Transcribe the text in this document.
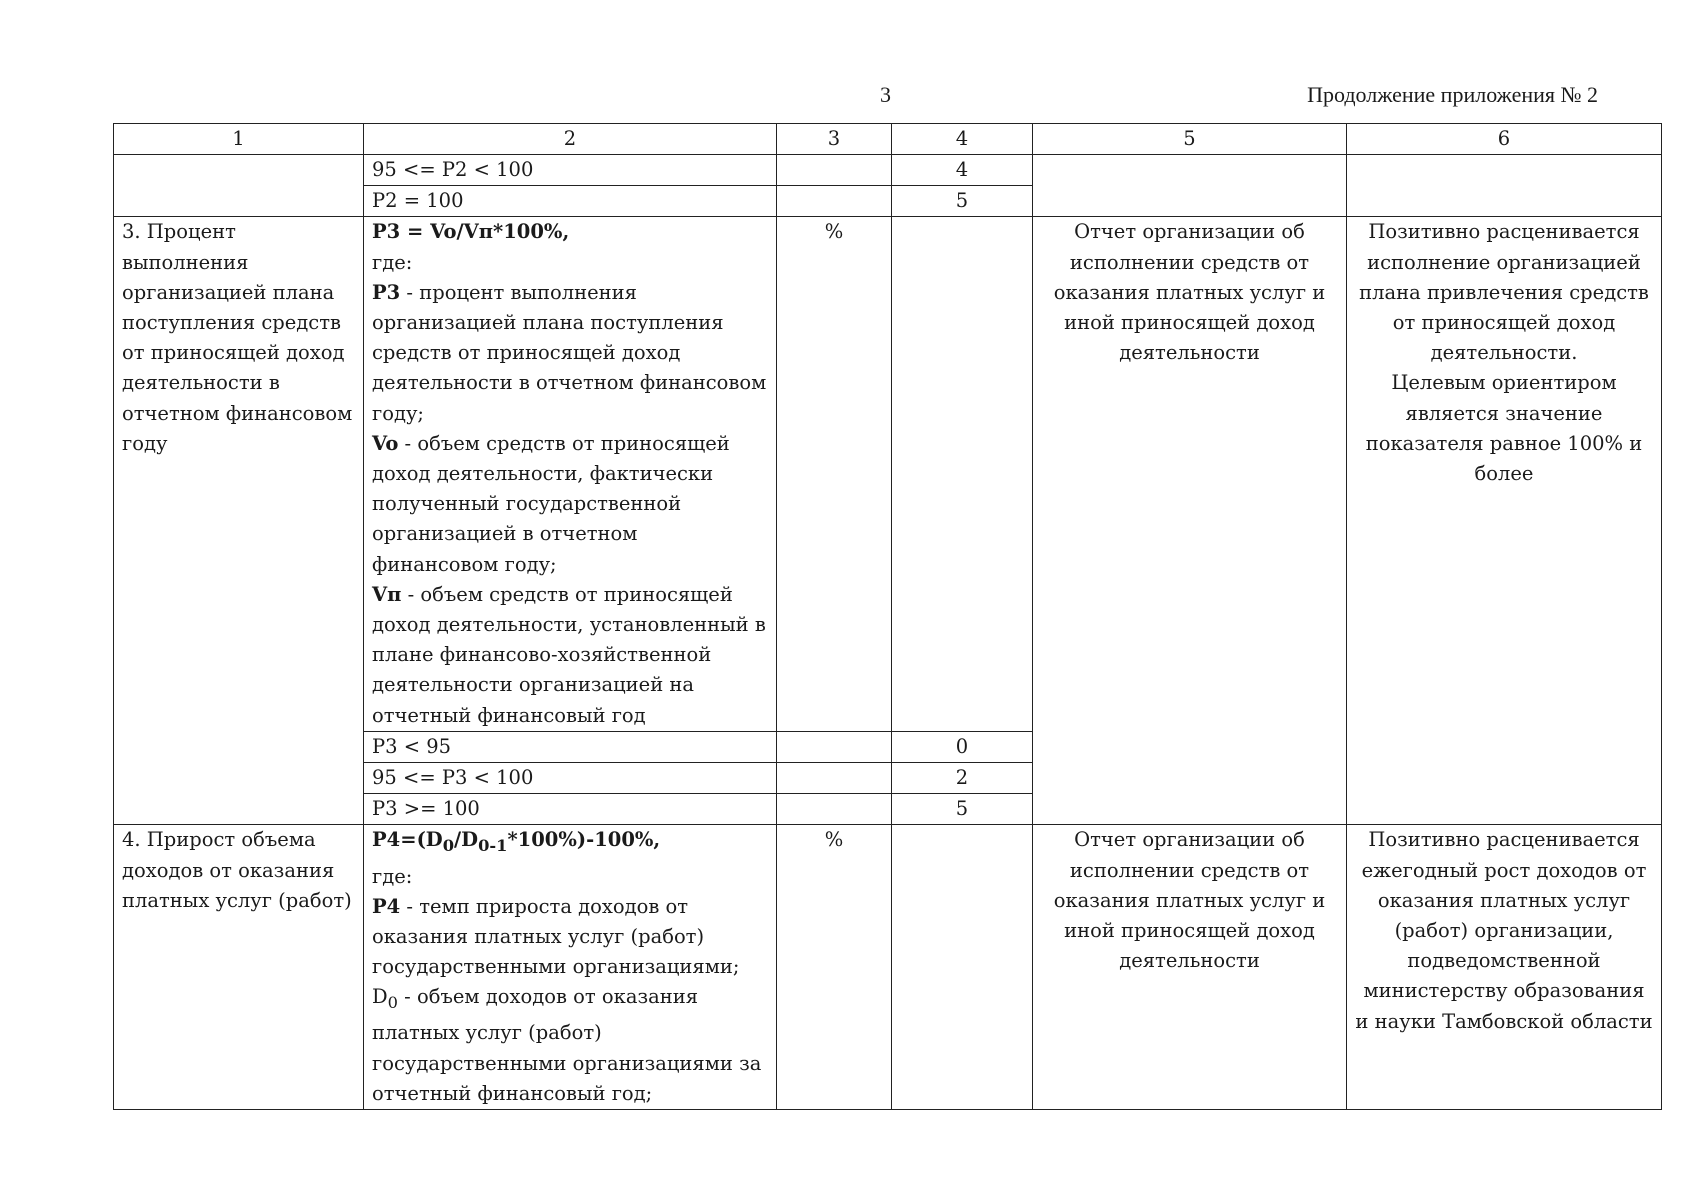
3	Продолжение приложения № 2
1	2	3	4	5	6
	95 <= P2 < 100		4		
	P2 = 100		5		
3. Процент выполнения организацией плана поступления средств от приносящей доход деятельности в отчетном финансовом году	P3 = Vo/Vп*100%,
где:
P3 - процент выполнения организацией плана поступления средств от приносящей доход деятельности в отчетном финансовом году;
Vo - объем средств от приносящей доход деятельности, фактически полученный государственной организацией в отчетном финансовом году;
Vп - объем средств от приносящей доход деятельности, установленный в плане финансово-хозяйственной деятельности организацией на отчетный финансовый год	%		Отчет организации об исполнении средств от оказания платных услуг и иной приносящей доход деятельности	Позитивно расценивается исполнение организацией плана привлечения средств от приносящей доход деятельности.
Целевым ориентиром является значение показателя равное 100% и более
	P3 < 95		0		
	95 <= P3 < 100		2		
	P3 >= 100		5		
4. Прирост объема доходов от оказания платных услуг (работ)	$P4=(D_0/D_{0-1}*100\%)-100\%$,
где:
P4 - темп прироста доходов от оказания платных услуг (работ) государственными организациями;
$D_0$ - объем доходов от оказания платных услуг (работ) государственными организациями за отчетный финансовый год;	%		Отчет организации об исполнении средств от оказания платных услуг и иной приносящей доход деятельности	Позитивно расценивается ежегодный рост доходов от оказания платных услуг (работ) организации, подведомственной министерству образования и науки Тамбовской области
